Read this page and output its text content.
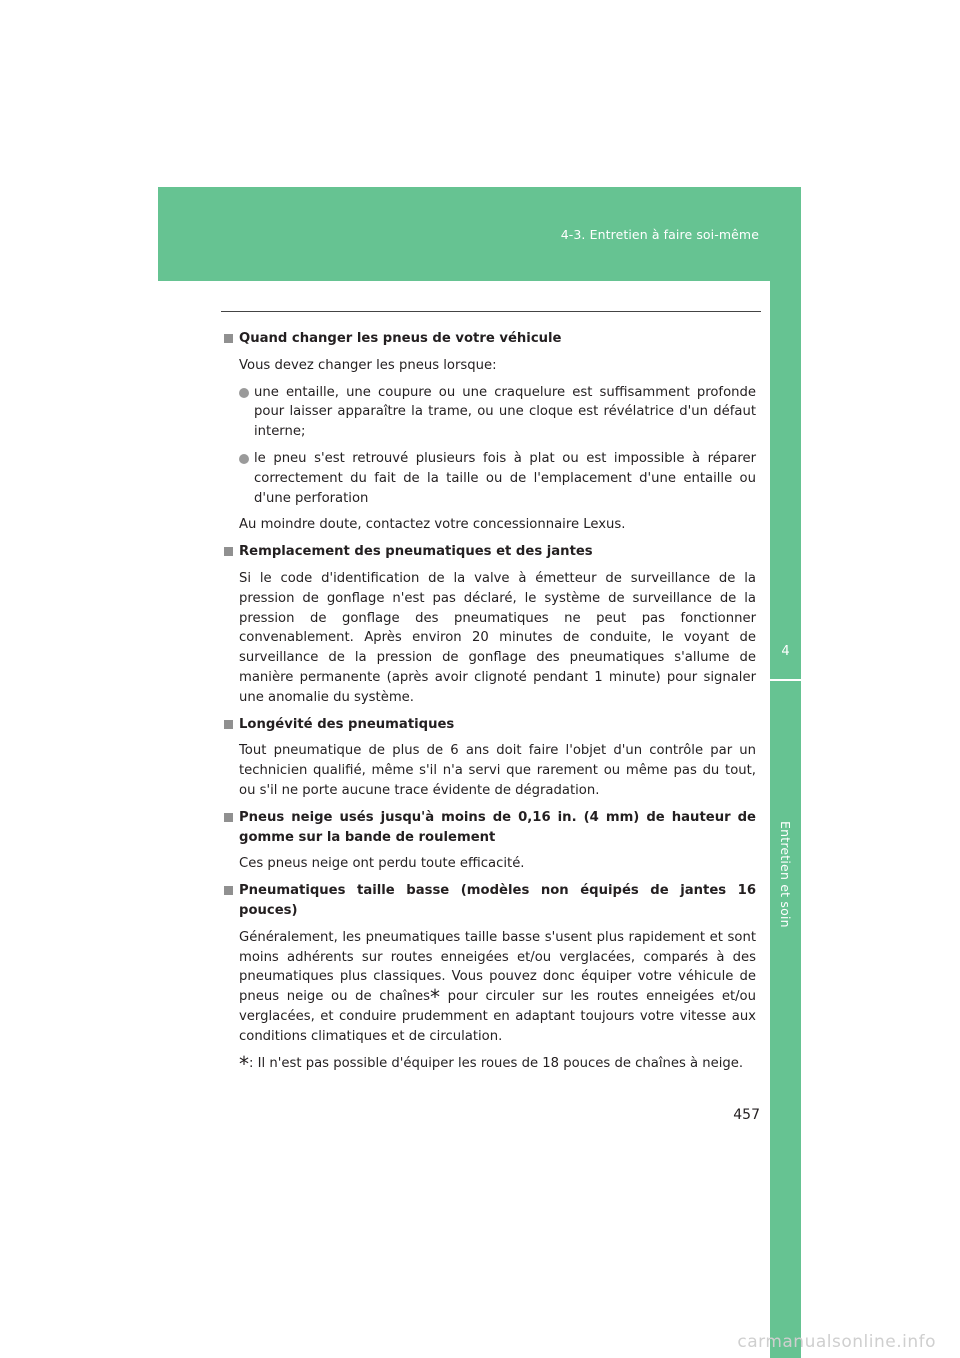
4-3. Entretien à faire soi-même
4
Entretien et soin
Quand changer les pneus de votre véhicule
Vous devez changer les pneus lorsque:
une entaille, une coupure ou une craquelure est suffisamment profonde pour laisser apparaître la trame, ou une cloque est révélatrice d'un défaut interne;
le pneu s'est retrouvé plusieurs fois à plat ou est impossible à réparer correctement du fait de la taille ou de l'emplacement d'une entaille ou d'une perforation
Au moindre doute, contactez votre concessionnaire Lexus.
Remplacement des pneumatiques et des jantes
Si le code d'identification de la valve à émetteur de surveillance de la pression de gonflage n'est pas déclaré, le système de surveillance de la pression de gonflage des pneumatiques ne peut pas fonctionner convenablement. Après environ 20 minutes de conduite, le voyant de surveillance de la pression de gonflage des pneumatiques s'allume de manière permanente (après avoir clignoté pendant 1 minute) pour signaler une anomalie du système.
Longévité des pneumatiques
Tout pneumatique de plus de 6 ans doit faire l'objet d'un contrôle par un technicien qualifié, même s'il n'a servi que rarement ou même pas du tout, ou s'il ne porte aucune trace évidente de dégradation.
Pneus neige usés jusqu'à moins de 0,16 in. (4 mm) de hauteur de gomme sur la bande de roulement
Ces pneus neige ont perdu toute efficacité.
Pneumatiques taille basse (modèles non équipés de jantes 16 pouces)
Généralement, les pneumatiques taille basse s'usent plus rapidement et sont moins adhérents sur routes enneigées et/ou verglacées, comparés à des pneumatiques plus classiques. Vous pouvez donc équiper votre véhicule de pneus neige ou de chaînes* pour circuler sur les routes enneigées et/ou verglacées, et conduire prudemment en adaptant toujours votre vitesse aux conditions climatiques et de circulation.
*: Il n'est pas possible d'équiper les roues de 18 pouces de chaînes à neige.
457
carmanualsonline.info
